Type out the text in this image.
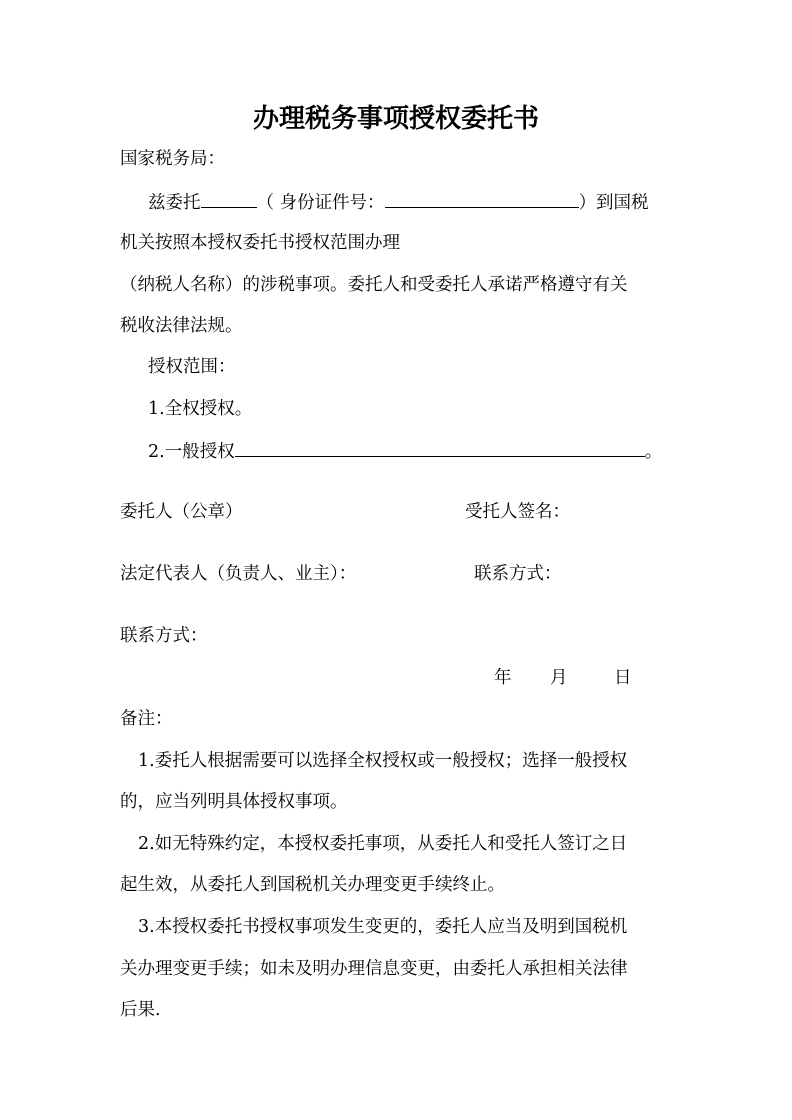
办理税务事项授权委托书
国家税务局：
兹委托	（ 身份证件号：	）到国税
机关按照本授权委托书授权范围办理
（纳税人名称）的涉税事项。委托人和受委托人承诺严格遵守有关
税收法律法规。
授权范围：
1.全权授权。
2.一般授权	。
委托人（公章）	受托人签名：
法定代表人（负责人、业主）：	联系方式：
联系方式：
年 月	日
备注：
1.委托人根据需要可以选择全权授权或一般授权；选择一般授权
的，应当列明具体授权事项。
2.如无特殊约定，本授权委托事项，从委托人和受托人签订之日
起生效，从委托人到国税机关办理变更手续终止。
3.本授权委托书授权事项发生变更的，委托人应当及明到国税机
关办理变更手续；如未及明办理信息变更，由委托人承担相关法律
后果.
